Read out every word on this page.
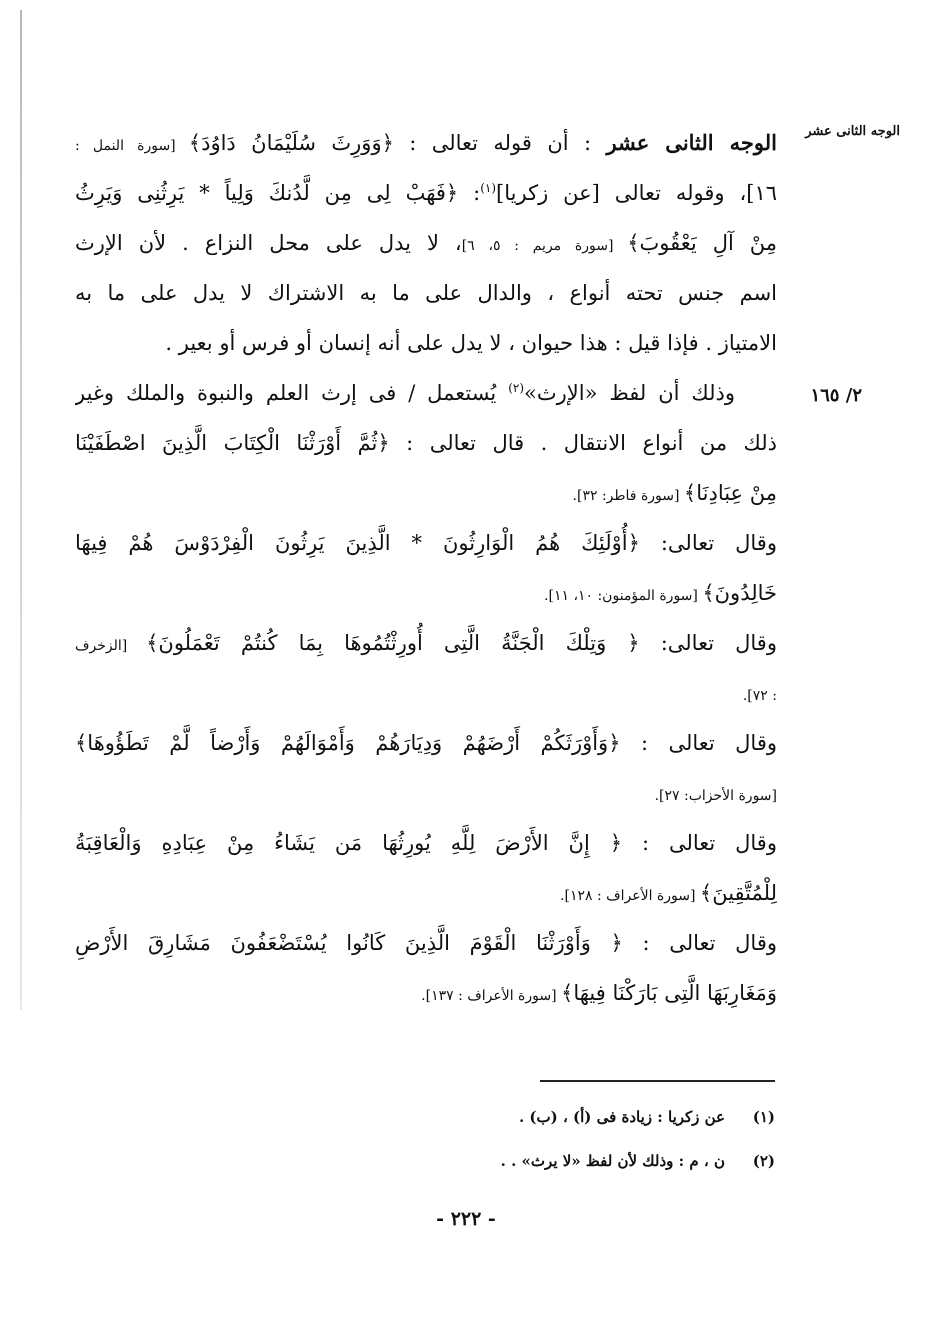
الوجه الثانى عشر
٢/ ١٦٥
الوجه الثانى عشر : أن قوله تعالى : ﴿وَوَرِثَ سُلَيْمَانُ دَاوُدَ﴾ [سورة النمل :
١٦]، وقوله تعالى [عن زكريا]$^{(١)}$: ﴿فَهَبْ لِى مِن لَّدُنكَ وَلِياً * يَرِثُنِى وَيَرِثُ
مِنْ آلِ يَعْقُوبَ﴾ [سورة مريم : ٥، ٦]، لا يدل على محل النزاع . لأن الإرث
اسم جنس تحته أنواع ، والدال على ما به الاشتراك لا يدل على ما به
الامتياز . فإذا قيل : هذا حيوان ، لا يدل على أنه إنسان أو فرس أو بعير .
وذلك أن لفظ «الإرث»$^{(٢)}$ يُستعمل / فى إرث العلم والنبوة والملك وغير
ذلك من أنواع الانتقال . قال تعالى : ﴿ثُمَّ أَوْرَثْنَا الْكِتَابَ الَّذِينَ اصْطَفَيْنَا
مِنْ عِبَادِنَا﴾ [سورة فاطر: ٣٢].
وقال تعالى: ﴿أُوْلَئِكَ هُمُ الْوَارِثُونَ * الَّذِينَ يَرِثُونَ الْفِرْدَوْسَ هُمْ فِيهَا
خَالِدُونَ﴾ [سورة المؤمنون: ١٠، ١١].
وقال تعالى: ﴿ وَتِلْكَ الْجَنَّةُ الَّتِى أُورِثْتُمُوهَا بِمَا كُنتُمْ تَعْمَلُونَ﴾ [الزخرف
: ٧٢].
وقال تعالى : ﴿وَأَوْرَثَكُمْ أَرْضَهُمْ وَدِيَارَهُمْ وَأَمْوَالَهُمْ وَأَرْضاً لَّمْ تَطَؤُوهَا﴾
[سورة الأحزاب: ٢٧].
وقال تعالى : ﴿ إِنَّ الأَرْضَ لِلَّهِ يُورِثُهَا مَن يَشَاءُ مِنْ عِبَادِهِ وَالْعَاقِبَةُ
لِلْمُتَّقِينَ﴾ [سورة الأعراف : ١٢٨].
وقال تعالى : ﴿ وَأَوْرَثْنَا الْقَوْمَ الَّذِينَ كَانُوا يُسْتَضْعَفُونَ مَشَارِقَ الأَرْضِ
وَمَغَارِبَهَا الَّتِى بَارَكْنَا فِيهَا﴾ [سورة الأعراف : ١٣٧].
(١)
عن زكريا : زيادة فى (أ) ، (ب) .
(٢)
ن ، م : وذلك لأن لفظ «لا يرث» . .
- ٢٢٢ -
